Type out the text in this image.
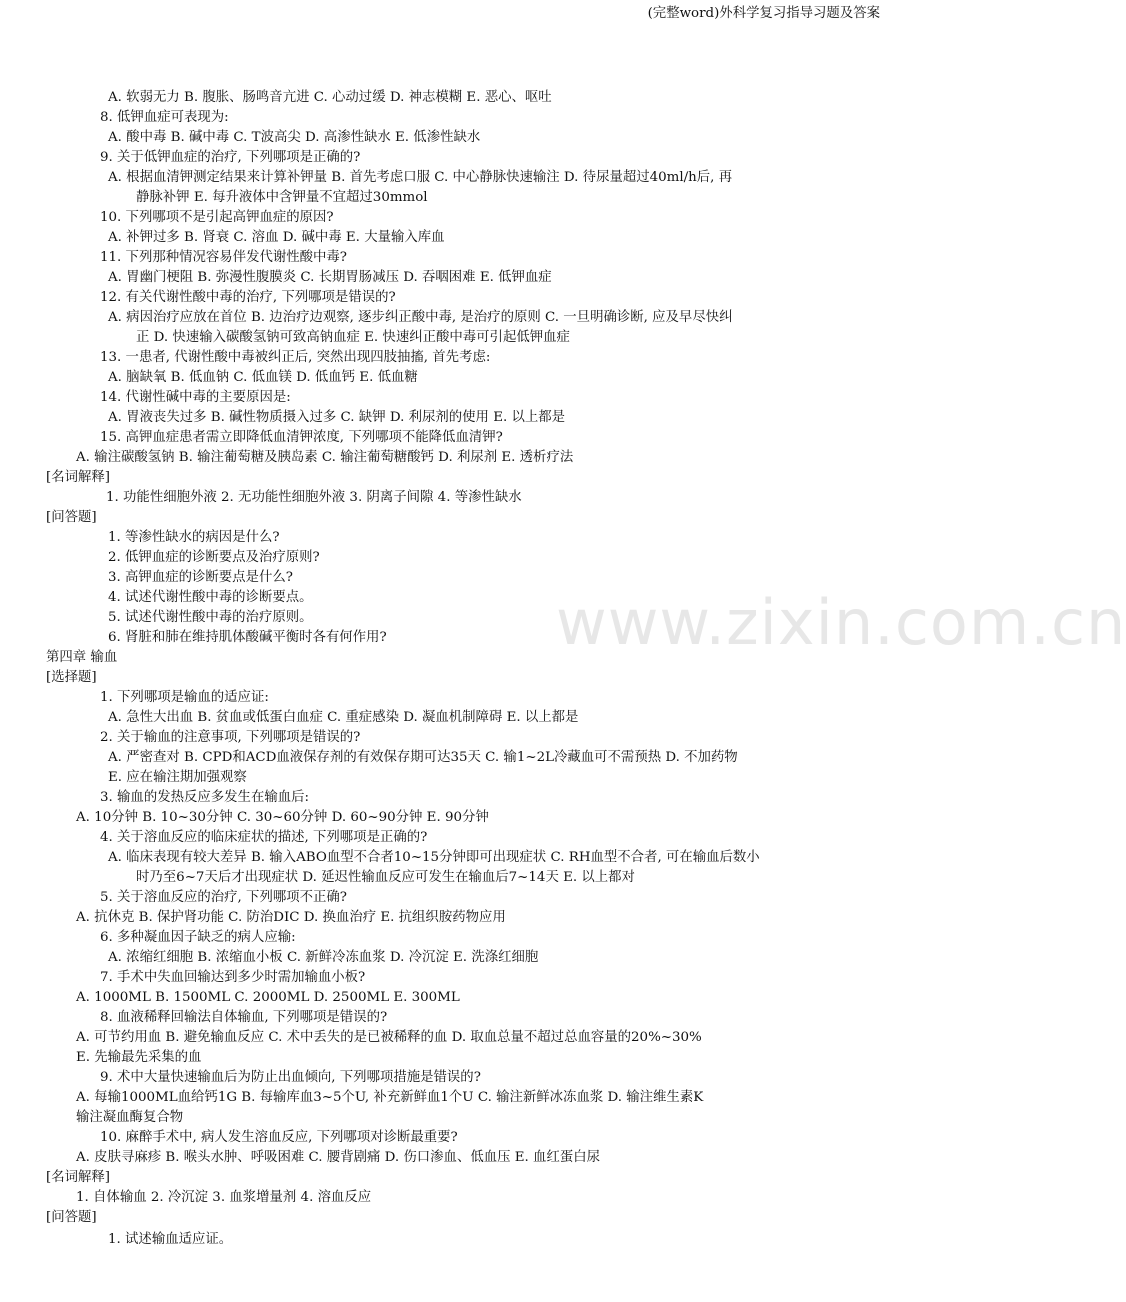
(完整word)外科学复习指导习题及答案
www.zixin.com.cn
A. 软弱无力 B. 腹胀、肠鸣音亢进 C. 心动过缓 D. 神志模糊 E. 恶心、呕吐
8. 低钾血症可表现为:
A. 酸中毒 B. 碱中毒 C. T波高尖 D. 高渗性缺水 E. 低渗性缺水
9. 关于低钾血症的治疗, 下列哪项是正确的?
A. 根据血清钾测定结果来计算补钾量 B. 首先考虑口服 C. 中心静脉快速输注 D. 待尿量超过40ml/h后, 再
静脉补钾 E. 每升液体中含钾量不宜超过30mmol
10. 下列哪项不是引起高钾血症的原因?
A. 补钾过多 B. 肾衰 C. 溶血 D. 碱中毒 E. 大量输入库血
11. 下列那种情况容易伴发代谢性酸中毒?
A. 胃幽门梗阻 B. 弥漫性腹膜炎 C. 长期胃肠减压 D. 吞咽困难 E. 低钾血症
12. 有关代谢性酸中毒的治疗, 下列哪项是错误的?
A. 病因治疗应放在首位 B. 边治疗边观察, 逐步纠正酸中毒, 是治疗的原则 C. 一旦明确诊断, 应及早尽快纠
正 D. 快速输入碳酸氢钠可致高钠血症 E. 快速纠正酸中毒可引起低钾血症
13. 一患者, 代谢性酸中毒被纠正后, 突然出现四肢抽搐, 首先考虑:
A. 脑缺氧 B. 低血钠 C. 低血镁 D. 低血钙 E. 低血糖
14. 代谢性碱中毒的主要原因是:
A. 胃液丧失过多 B. 碱性物质摄入过多 C. 缺钾 D. 利尿剂的使用 E. 以上都是
15. 高钾血症患者需立即降低血清钾浓度, 下列哪项不能降低血清钾?
A. 输注碳酸氢钠 B. 输注葡萄糖及胰岛素 C. 输注葡萄糖酸钙 D. 利尿剂 E. 透析疗法
[名词解释]
1. 功能性细胞外液 2. 无功能性细胞外液 3. 阴离子间隙 4. 等渗性缺水
[问答题]
1. 等渗性缺水的病因是什么?
2. 低钾血症的诊断要点及治疗原则?
3. 高钾血症的诊断要点是什么?
4. 试述代谢性酸中毒的诊断要点。
5. 试述代谢性酸中毒的治疗原则。
6. 肾脏和肺在维持肌体酸碱平衡时各有何作用?
第四章 输血
[选择题]
1. 下列哪项是输血的适应证:
A. 急性大出血 B. 贫血或低蛋白血症 C. 重症感染 D. 凝血机制障碍 E. 以上都是
2. 关于输血的注意事项, 下列哪项是错误的?
A. 严密查对 B. CPD和ACD血液保存剂的有效保存期可达35天 C. 输1~2L冷藏血可不需预热 D. 不加药物
E. 应在输注期加强观察
3. 输血的发热反应多发生在输血后:
A. 10分钟 B. 10~30分钟 C. 30~60分钟 D. 60~90分钟 E. 90分钟
4. 关于溶血反应的临床症状的描述, 下列哪项是正确的?
A. 临床表现有较大差异 B. 输入ABO血型不合者10~15分钟即可出现症状 C. RH血型不合者, 可在输血后数小
时乃至6~7天后才出现症状 D. 延迟性输血反应可发生在输血后7~14天 E. 以上都对
5. 关于溶血反应的治疗, 下列哪项不正确?
A. 抗休克 B. 保护肾功能 C. 防治DIC D. 换血治疗 E. 抗组织胺药物应用
6. 多种凝血因子缺乏的病人应输:
A. 浓缩红细胞 B. 浓缩血小板 C. 新鲜冷冻血浆 D. 冷沉淀 E. 洗涤红细胞
7. 手术中失血回输达到多少时需加输血小板?
A. 1000ML B. 1500ML C. 2000ML D. 2500ML E. 300ML
8. 血液稀释回输法自体输血, 下列哪项是错误的?
A. 可节约用血 B. 避免输血反应 C. 术中丢失的是已被稀释的血 D. 取血总量不超过总血容量的20%~30%
E. 先输最先采集的血
9. 术中大量快速输血后为防止出血倾向, 下列哪项措施是错误的?
A. 每输1000ML血给钙1G B. 每输库血3~5个U, 补充新鲜血1个U C. 输注新鲜冰冻血浆 D. 输注维生素K
输注凝血酶复合物
10. 麻醉手术中, 病人发生溶血反应, 下列哪项对诊断最重要?
A. 皮肤寻麻疹 B. 喉头水肿、呼吸困难 C. 腰背剧痛 D. 伤口渗血、低血压 E. 血红蛋白尿
[名词解释]
1. 自体输血 2. 冷沉淀 3. 血浆增量剂 4. 溶血反应
[问答题]
1. 试述输血适应证。
